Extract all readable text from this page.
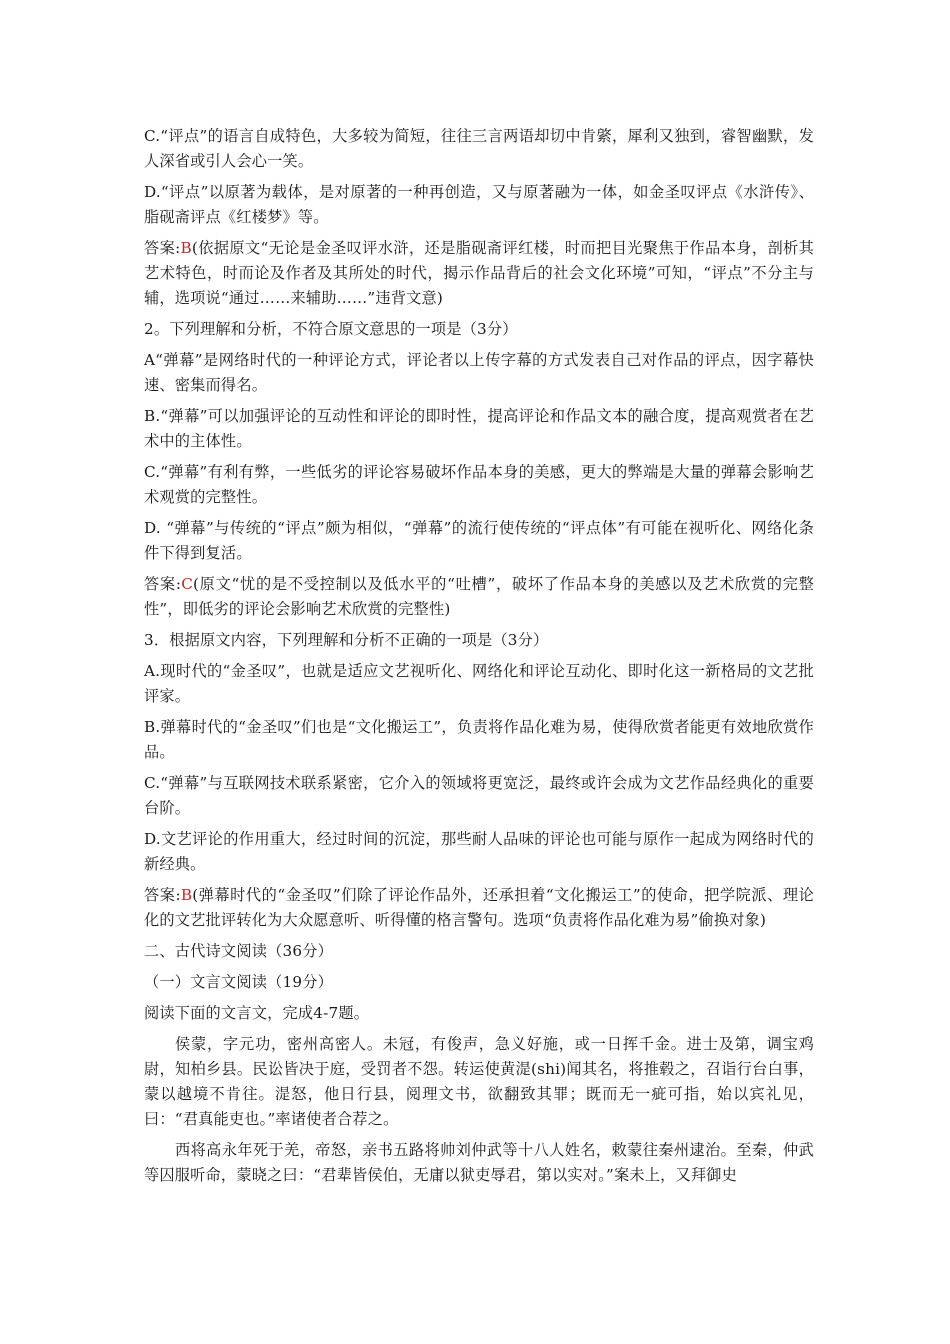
C.“评点”的语言自成特色，大多较为简短，往往三言两语却切中肯綮，犀利又独到，睿智幽默，发人深省或引人会心一笑。

D.“评点”以原著为载体，是对原著的一种再创造，又与原著融为一体，如金圣叹评点《水浒传》、脂砚斋评点《红楼梦》等。

答案:B(依据原文“无论是金圣叹评水浒，还是脂砚斋评红楼，时而把目光聚焦于作品本身，剖析其艺术特色，时而论及作者及其所处的时代，揭示作品背后的社会文化环境”可知，“评点”不分主与辅，选项说“通过……来辅助……”违背文意)

2。下列理解和分析，不符合原文意思的一项是（3分）

A“弹幕”是网络时代的一种评论方式，评论者以上传字幕的方式发表自己对作品的评点，因字幕快速、密集而得名。

B.“弹幕”可以加强评论的互动性和评论的即时性，提高评论和作品文本的融合度，提高观赏者在艺术中的主体性。

C.“弹幕”有利有弊，一些低劣的评论容易破坏作品本身的美感，更大的弊端是大量的弹幕会影响艺术观赏的完整性。

D. “弹幕”与传统的“评点”颇为相似，“弹幕”的流行使传统的“评点体”有可能在视听化、网络化条件下得到复活。

答案:C(原文“忧的是不受控制以及低水平的“吐槽”，破坏了作品本身的美感以及艺术欣赏的完整性”，即低劣的评论会影响艺术欣赏的完整性)

3．根据原文内容，下列理解和分析不正确的一项是（3分）

A.现时代的“金圣叹”，也就是适应文艺视听化、网络化和评论互动化、即时化这一新格局的文艺批评家。

B.弹幕时代的“金圣叹”们也是“文化搬运工”，负责将作品化难为易，使得欣赏者能更有效地欣赏作品。

C.“弹幕”与互联网技术联系紧密，它介入的领域将更宽泛，最终或许会成为文艺作品经典化的重要台阶。

D.文艺评论的作用重大，经过时间的沉淀，那些耐人品味的评论也可能与原作一起成为网络时代的新经典。

答案:B(弹幕时代的“金圣叹”们除了评论作品外，还承担着“文化搬运工”的使命，把学院派、理论化的文艺批评转化为大众愿意听、听得懂的格言警句。选项“负责将作品化难为易”偷换对象)

二、古代诗文阅读（36分）

（一）文言文阅读（19分）

阅读下面的文言文，完成4-7题。

侯蒙，字元功，密州高密人。未冠，有俊声，急义好施，或一日挥千金。进士及第，调宝鸡尉，知柏乡县。民讼皆决于庭，受罚者不怨。转运使黄湜(shi)闻其名，将推毂之，召诣行台白事，蒙以越境不肯往。湜怒，他日行县，阅理文书，欲翻致其罪；既而无一疵可指，始以宾礼见，曰：“君真能吏也。”率诸使者合荐之。

西将高永年死于羌，帝怒，亲书五路将帅刘仲武等十八人姓名，敕蒙往秦州逮治。至秦，仲武等囚服听命，蒙晓之曰：“君辈皆侯伯，无庸以狱吏辱君，第以实对。”案未上，又拜御史
